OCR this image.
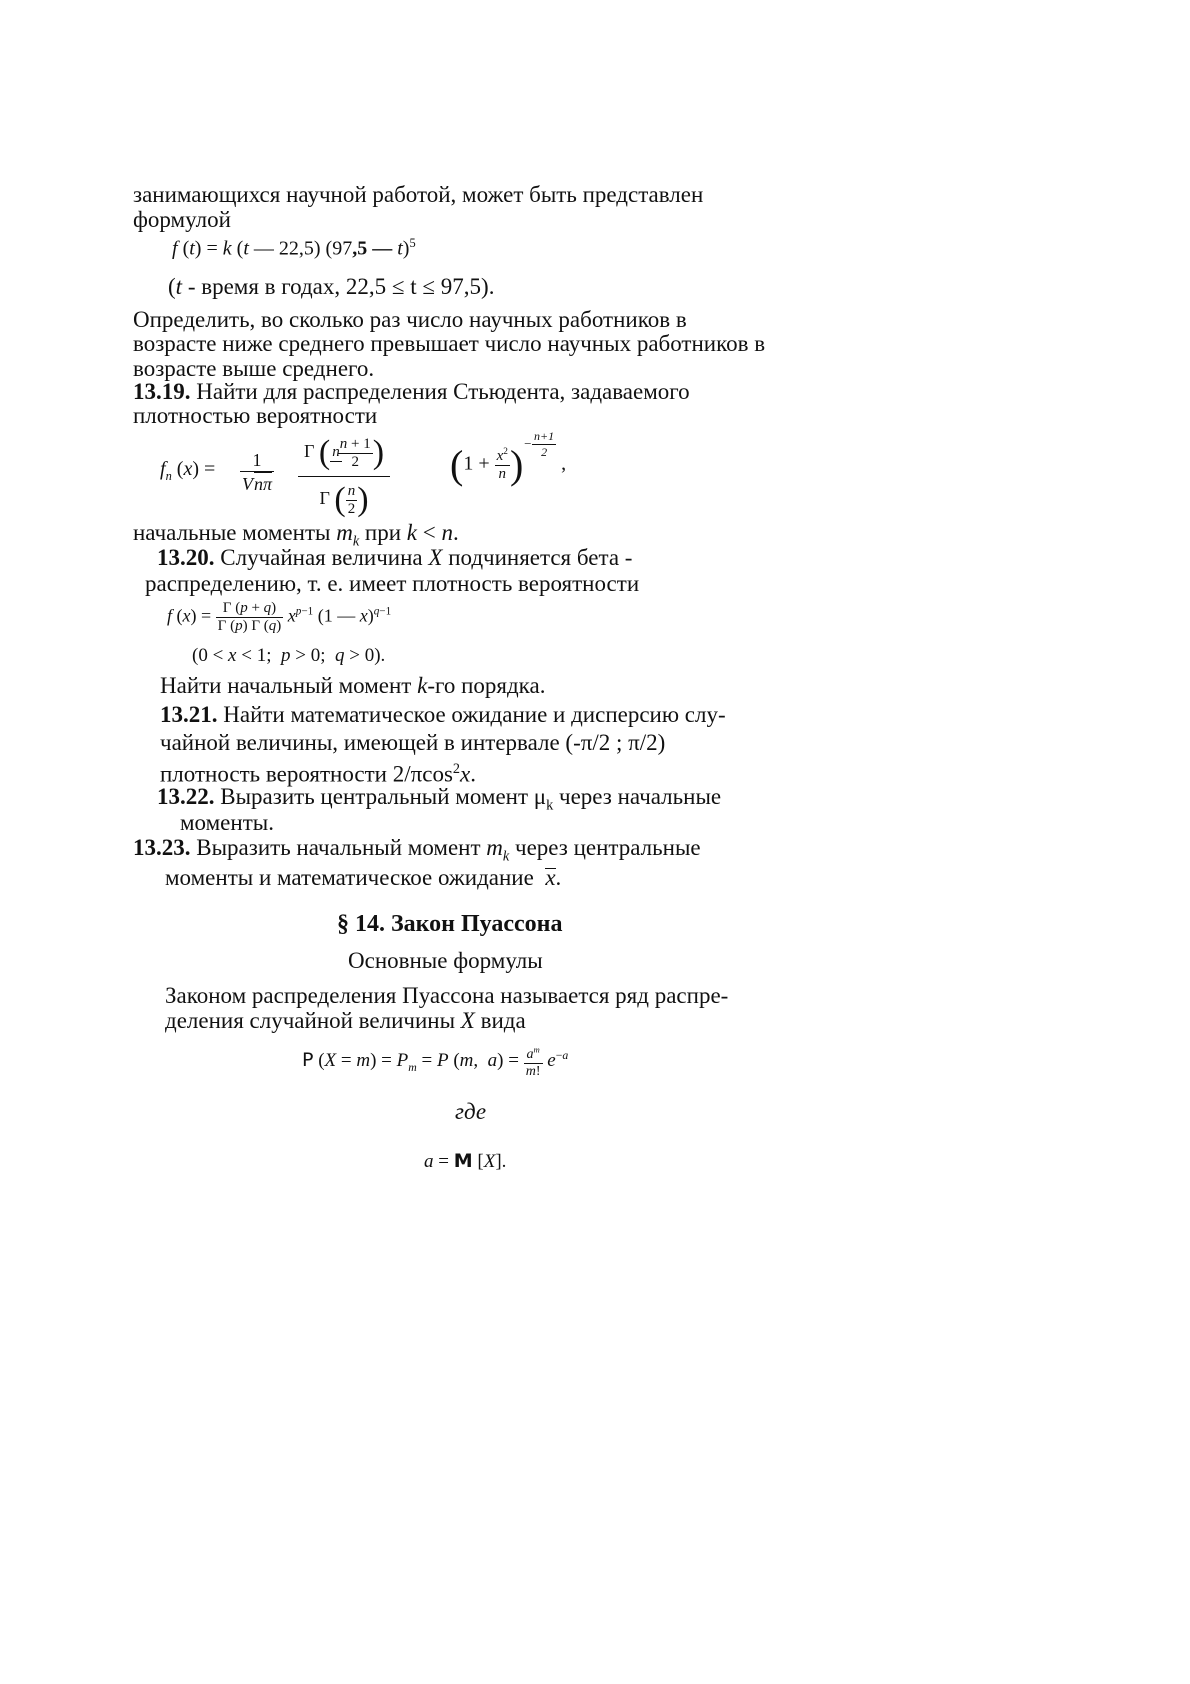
занимающихся научной работой, может быть представлен
формулой
f (t) = k (t — 22,5) (97,5 — t)$^5$
(t - время в годах, 22,5 ≤ t ≤ 97,5).
Определить, во сколько раз число научных работников в
возрасте ниже среднего превышает число научных работников в
возрасте выше среднего.
13.19. Найти для распределения Стьюдента, задаваемого
плотностью вероятности
$f_n$ (x) =	1
Vnπ Γ ( n
$\frac{n + 1}{2}$ )
Γ ( $\frac{n}{2}$ ) $(1 + \frac{x^2}{n} )^{- \frac{n+1}{2}}$
,
начальные моменты $m_k$ при k < n.
13.20. Случайная величина X подчиняется бета -
распределению, т. е. имеет плотность вероятности
f $(x) = \frac{\Gamma (p + q)}{\Gamma (p) \Gamma (q)} x^{p-1}$ (1 — x)$^{q-1}$
(0 < x < 1;  p > 0;  q > 0).
Найти начальный момент k-го порядка.
13.21. Найти математическое ожидание и дисперсию слу-
чайной величины, имеющей в интервале (-π/2 ; π/2)
плотность вероятности 2/πcos$^2$x.
13.22. Выразить центральный момент $\mu_k$ через начальные
моменты.
13.23. Выразить начальный момент $m_k$ через центральные
моменты и математическое ожидание x.
§ 14. Закон Пуассона
Основные формулы
Законом распределения Пуассона называется ряд распре-
деления случайной величины X вида
P $(X = m) = P_m = P$ (m,  $a) = \frac{a^m}{m!} e^{-a}$
где
a = M [X].
